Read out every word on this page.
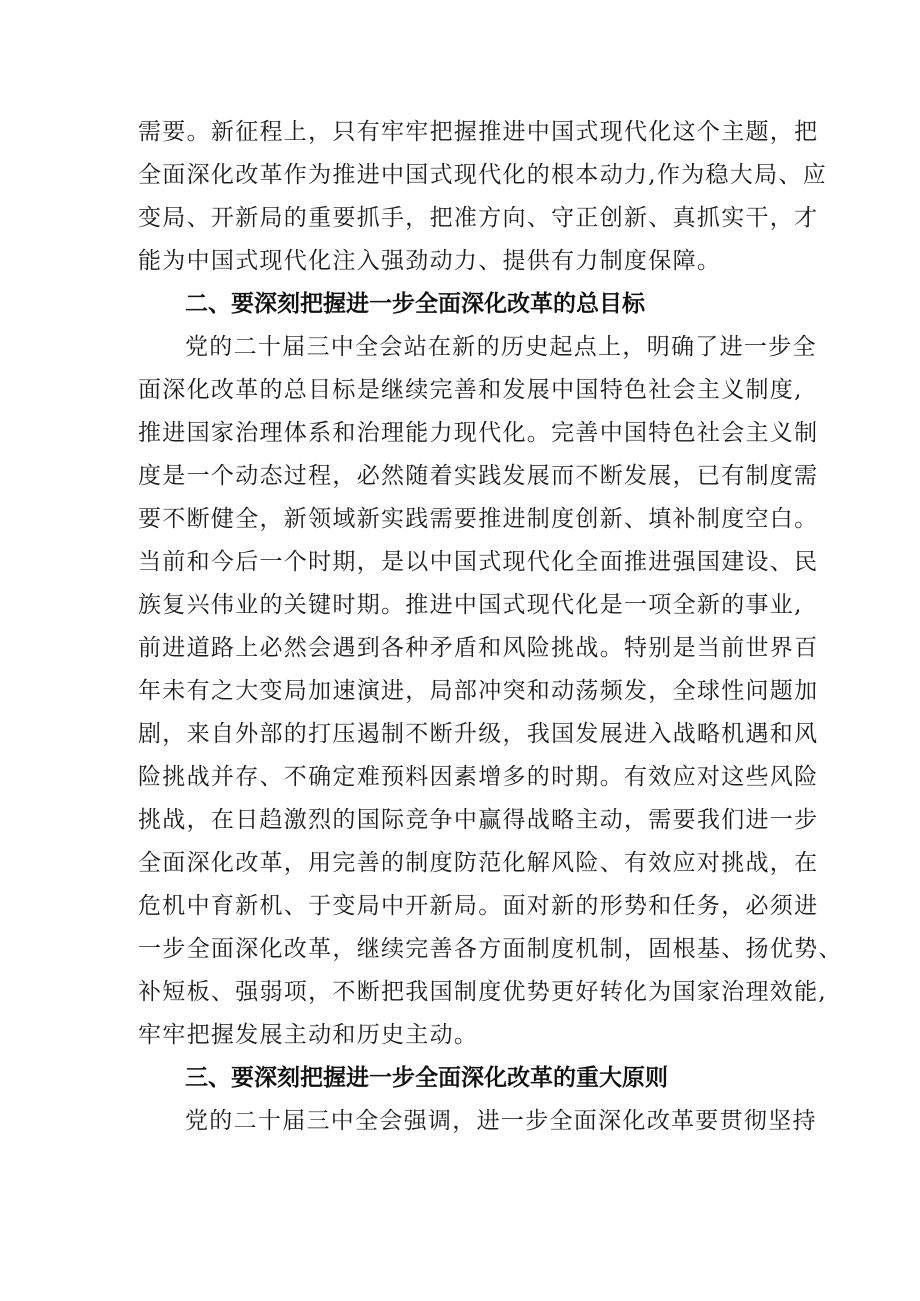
需要。新征程上，只有牢牢把握推进中国式现代化这个主题，把
全面深化改革作为推进中国式现代化的根本动力,作为稳大局、应
变局、开新局的重要抓手，把准方向、守正创新、真抓实干，才
能为中国式现代化注入强劲动力、提供有力制度保障。
二、要深刻把握进一步全面深化改革的总目标
党的二十届三中全会站在新的历史起点上，明确了进一步全
面深化改革的总目标是继续完善和发展中国特色社会主义制度,
推进国家治理体系和治理能力现代化。完善中国特色社会主义制
度是一个动态过程，必然随着实践发展而不断发展，已有制度需
要不断健全，新领域新实践需要推进制度创新、填补制度空白。
当前和今后一个时期，是以中国式现代化全面推进强国建设、民
族复兴伟业的关键时期。推进中国式现代化是一项全新的事业,
前进道路上必然会遇到各种矛盾和风险挑战。特别是当前世界百
年未有之大变局加速演进，局部冲突和动荡频发，全球性问题加
剧，来自外部的打压遏制不断升级，我国发展进入战略机遇和风
险挑战并存、不确定难预料因素增多的时期。有效应对这些风险
挑战，在日趋激烈的国际竞争中赢得战略主动，需要我们进一步
全面深化改革，用完善的制度防范化解风险、有效应对挑战，在
危机中育新机、于变局中开新局。面对新的形势和任务，必须进
一步全面深化改革，继续完善各方面制度机制，固根基、扬优势、
补短板、强弱项，不断把我国制度优势更好转化为国家治理效能,
牢牢把握发展主动和历史主动。
三、要深刻把握进一步全面深化改革的重大原则
党的二十届三中全会强调，进一步全面深化改革要贯彻坚持
